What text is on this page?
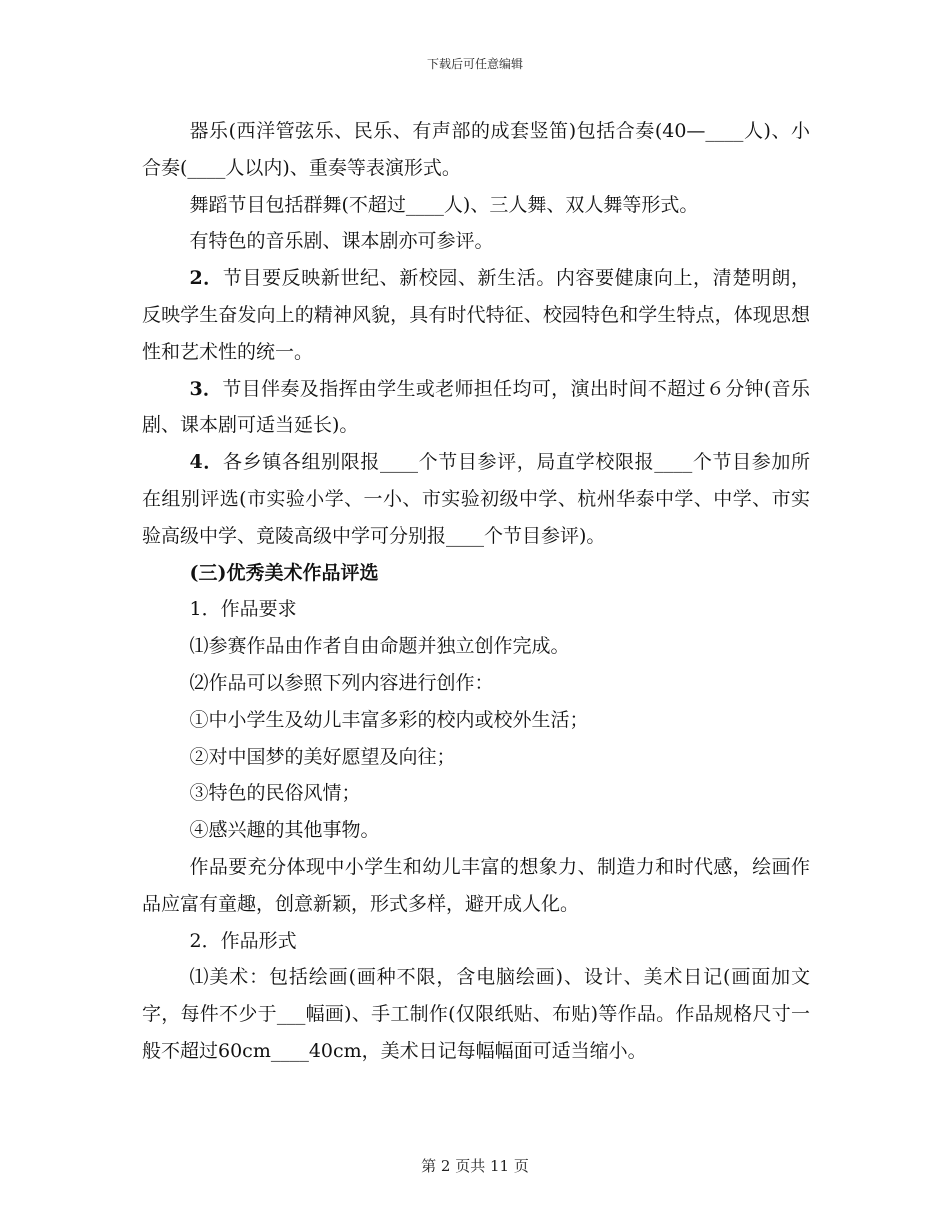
下载后可任意编辑

器乐(西洋管弦乐、民乐、有声部的成套竖笛)包括合奏(40—____人)、小合奏(____人以内)、重奏等表演形式。

舞蹈节目包括群舞(不超过____人)、三人舞、双人舞等形式。

有特色的音乐剧、课本剧亦可参评。

2．节目要反映新世纪、新校园、新生活。内容要健康向上，清楚明朗，反映学生奋发向上的精神风貌，具有时代特征、校园特色和学生特点，体现思想性和艺术性的统一。

3．节目伴奏及指挥由学生或老师担任均可，演出时间不超过６分钟(音乐剧、课本剧可适当延长)。

4．各乡镇各组别限报____个节目参评，局直学校限报____个节目参加所在组别评选(市实验小学、一小、市实验初级中学、杭州华泰中学、中学、市实验高级中学、竟陵高级中学可分别报____个节目参评)。

(三)优秀美术作品评选

1．作品要求

⑴参赛作品由作者自由命题并独立创作完成。

⑵作品可以参照下列内容进行创作：

①中小学生及幼儿丰富多彩的校内或校外生活；

②对中国梦的美好愿望及向往；

③特色的民俗风情；

④感兴趣的其他事物。

作品要充分体现中小学生和幼儿丰富的想象力、制造力和时代感，绘画作品应富有童趣，创意新颖，形式多样，避开成人化。

2．作品形式

⑴美术：包括绘画(画种不限，含电脑绘画)、设计、美术日记(画面加文字，每件不少于___幅画)、手工制作(仅限纸贴、布贴)等作品。作品规格尺寸一般不超过60cm____40cm，美术日记每幅幅面可适当缩小。

第 2 页共 11 页
